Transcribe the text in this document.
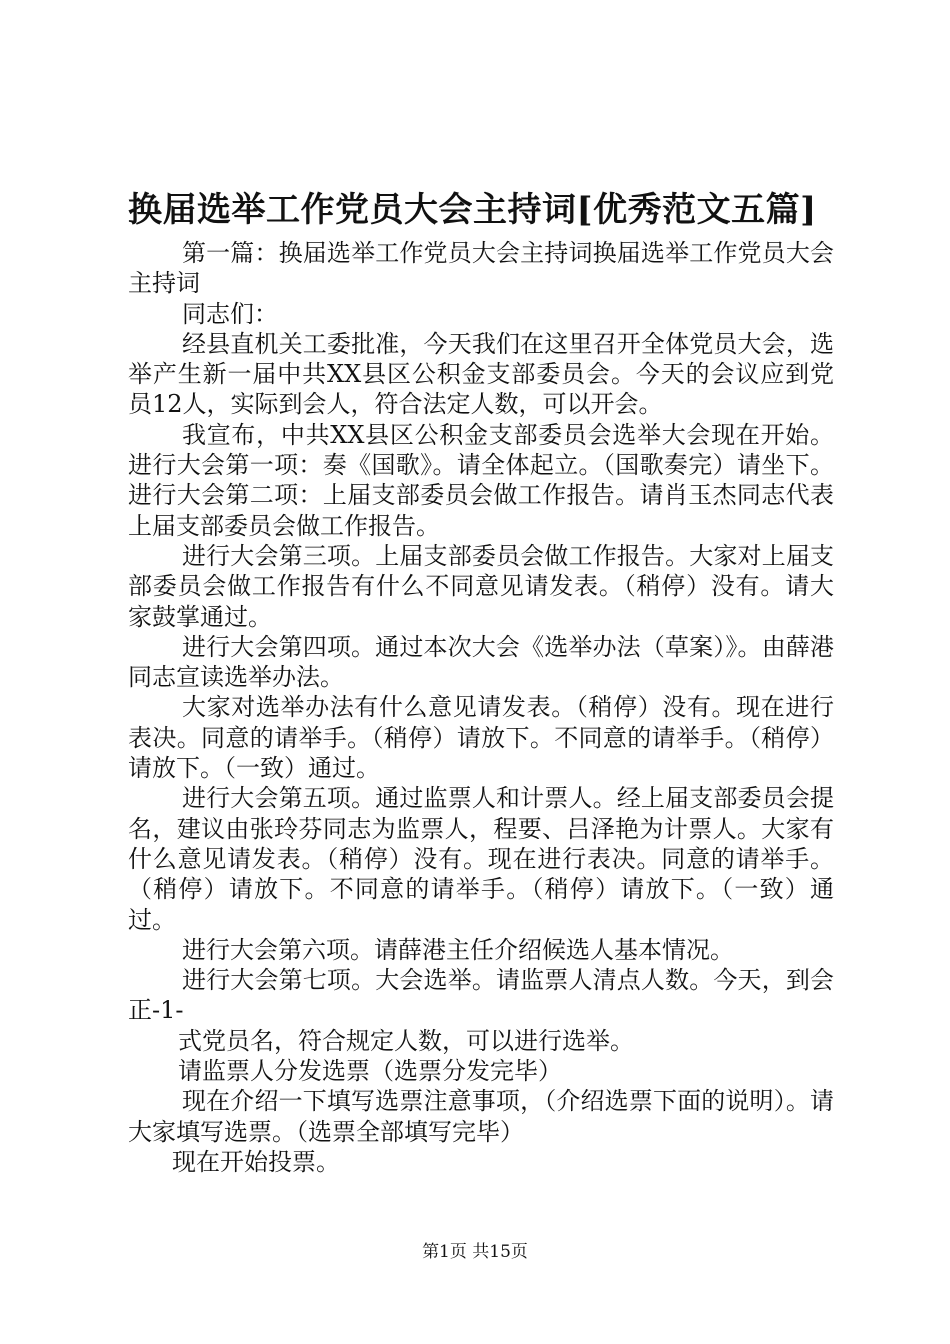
换届选举工作党员大会主持词[优秀范文五篇]

第一篇：换届选举工作党员大会主持词换届选举工作党员大会主持词

同志们：

经县直机关工委批准，今天我们在这里召开全体党员大会，选举产生新一届中共XX县区公积金支部委员会。今天的会议应到党员12人，实际到会人，符合法定人数，可以开会。

我宣布，中共XX县区公积金支部委员会选举大会现在开始。进行大会第一项：奏《国歌》。请全体起立。（国歌奏完）请坐下。进行大会第二项：上届支部委员会做工作报告。请肖玉杰同志代表上届支部委员会做工作报告。

进行大会第三项。上届支部委员会做工作报告。大家对上届支部委员会做工作报告有什么不同意见请发表。（稍停）没有。请大家鼓掌通过。

进行大会第四项。通过本次大会《选举办法（草案）》。由薛港同志宣读选举办法。

大家对选举办法有什么意见请发表。（稍停）没有。现在进行表决。同意的请举手。（稍停）请放下。不同意的请举手。（稍停）请放下。（一致）通过。

进行大会第五项。通过监票人和计票人。经上届支部委员会提名，建议由张玲芬同志为监票人，程要、吕泽艳为计票人。大家有什么意见请发表。（稍停）没有。现在进行表决。同意的请举手。（稍停）请放下。不同意的请举手。（稍停）请放下。（一致）通过。

进行大会第六项。请薛港主任介绍候选人基本情况。

进行大会第七项。大会选举。请监票人清点人数。今天，到会正-1-

式党员名，符合规定人数，可以进行选举。

请监票人分发选票（选票分发完毕）

现在介绍一下填写选票注意事项，（介绍选票下面的说明）。请大家填写选票。（选票全部填写完毕）

现在开始投票。

第1页 共15页
